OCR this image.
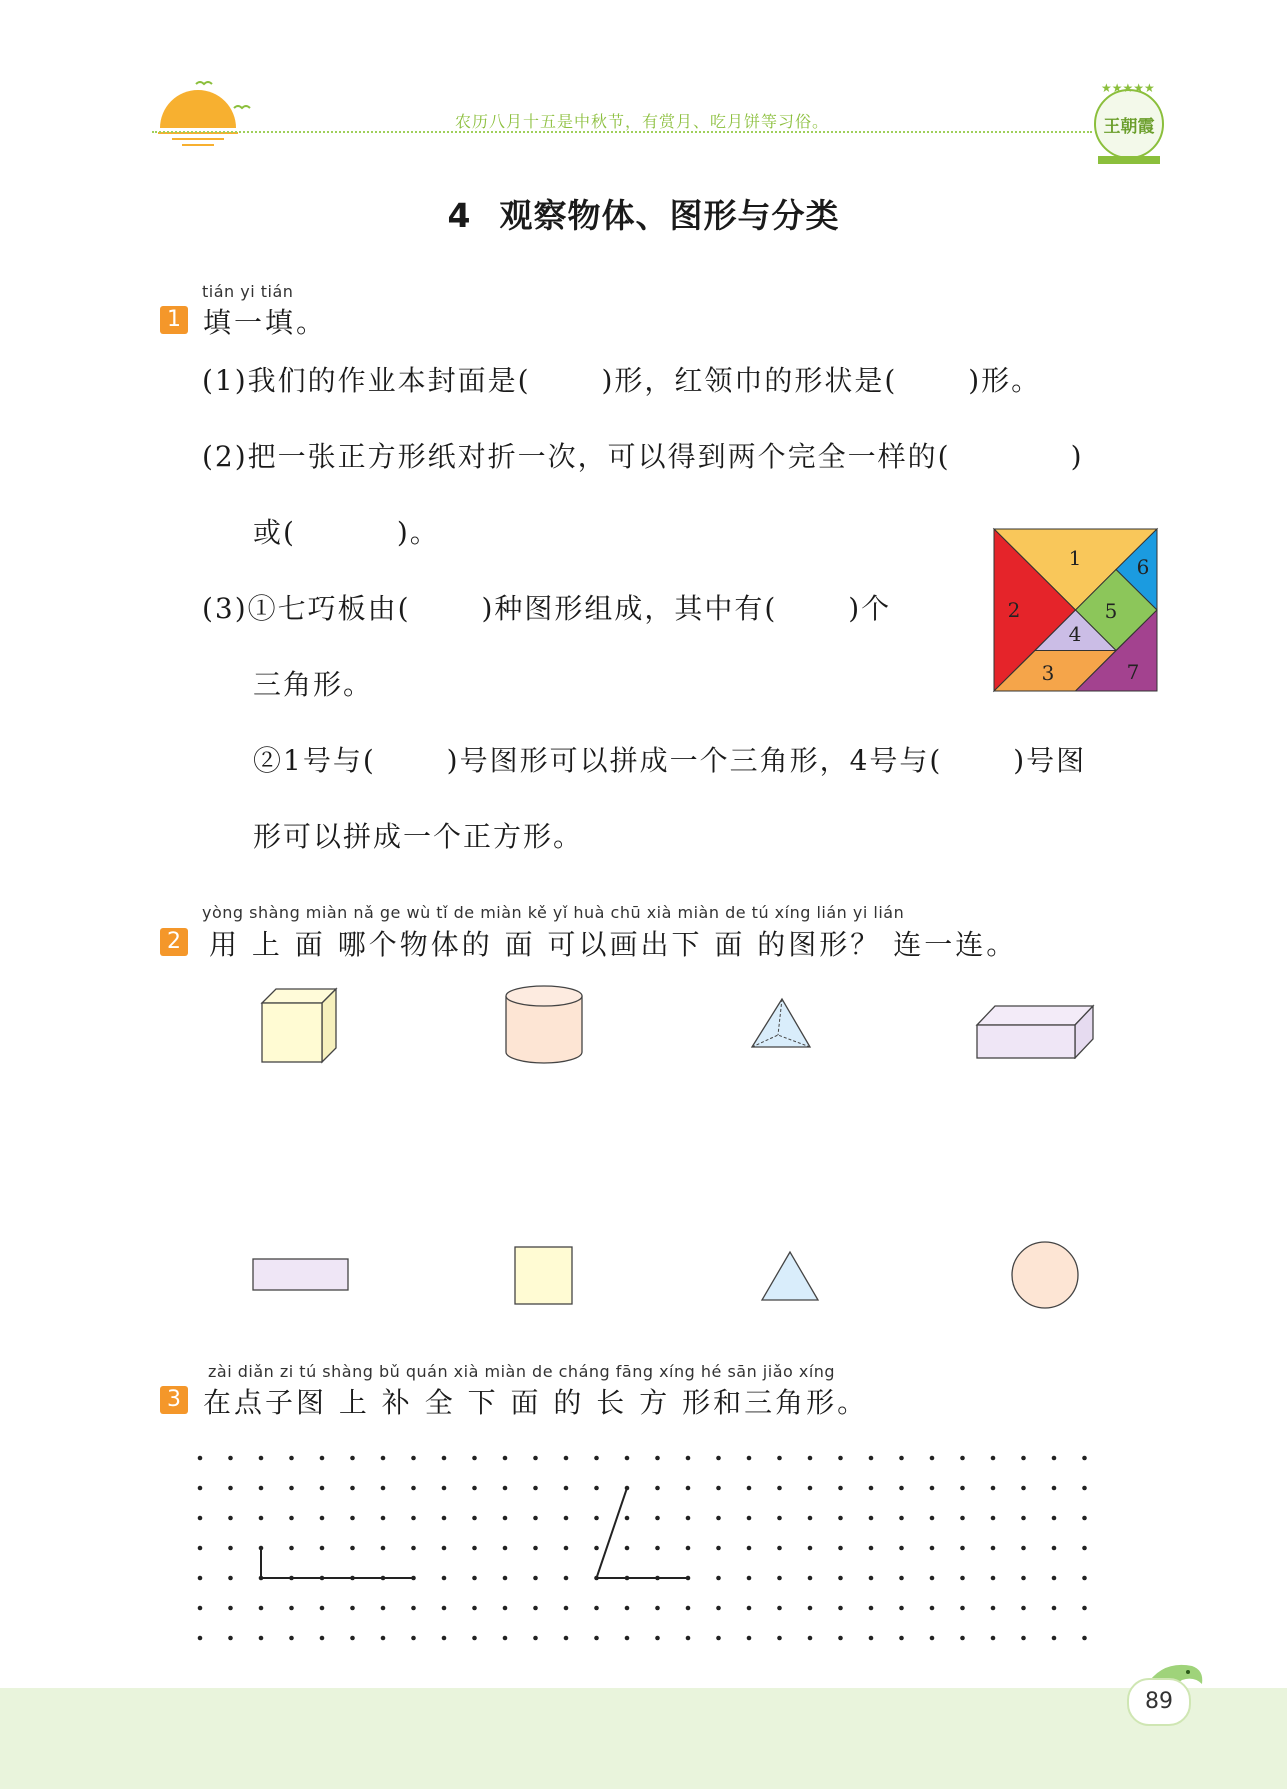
农历八月十五是中秋节，有赏月、吃月饼等习俗。
★★★★★
王朝霞
4 观察物体、图形与分类
tián yi tián
1 填一填。
(1)我们的作业本封面是(　　 )形，红领巾的形状是(　　 )形。
(2)把一张正方形纸对折一次，可以得到两个完全一样的(　　　　)
或(　　　 )。
(3)①七巧板由(　　 )种图形组成，其中有(　　 )个
三角形。
②1号与(　　 )号图形可以拼成一个三角形，4号与(　　 )号图
形可以拼成一个正方形。
1
2
3
4
5
6
7
yòng shàng miàn nǎ ge wù tǐ de miàn kě yǐ huà chū xià miàn de tú xíng lián yi lián
2 用 上 面 哪个物体的 面 可以画出下 面 的图形？ 连一连。
zài diǎn zi tú shàng bǔ quán xià miàn de cháng fāng xíng hé sān jiǎo xíng
3 在点子图 上 补 全 下 面 的 长 方 形和三角形。
89
